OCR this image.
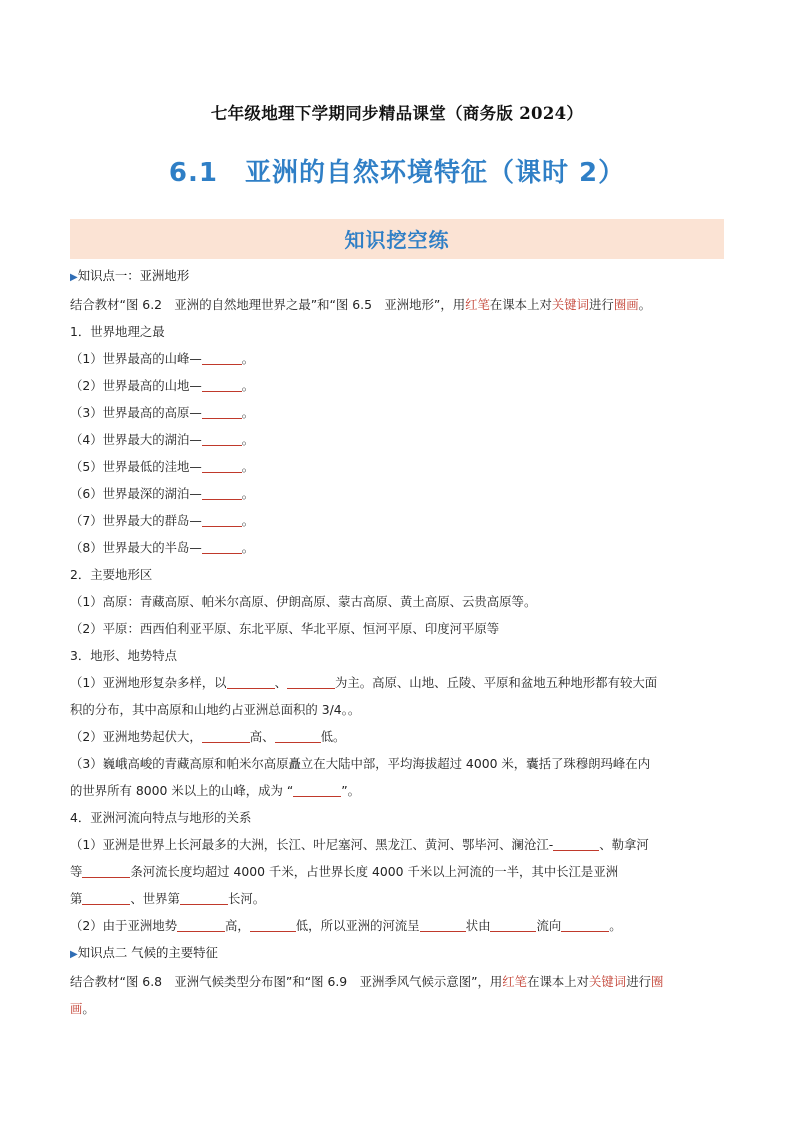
七年级地理下学期同步精品课堂（商务版 2024）
6.1　亚洲的自然环境特征（课时 2）
知识挖空练
▶知识点一：亚洲地形
结合教材“图 6.2　亚洲的自然地理世界之最”和“图 6.5　亚洲地形”，用红笔在课本上对关键词进行圈画。
1．世界地理之最
（1）世界最高的山峰—	。
（2）世界最高的山地—	。
（3）世界最高的高原—	。
（4）世界最大的湖泊—	。
（5）世界最低的洼地—	。
（6）世界最深的湖泊—	。
（7）世界最大的群岛—	。
（8）世界最大的半岛—	。
2．主要地形区
（1）高原：青藏高原、帕米尔高原、伊朗高原、蒙古高原、黄土高原、云贵高原等。
（2）平原：西西伯利亚平原、东北平原、华北平原、恒河平原、印度河平原等
3．地形、地势特点
（1）亚洲地形复杂多样，以	、	为主。高原、山地、丘陵、平原和盆地五种地形都有较大面
积的分布，其中高原和山地约占亚洲总面积的 3/4。。
（2）亚洲地势起伏大，	高、	低。
（3）巍峨高峻的青藏高原和帕米尔高原矗立在大陆中部，平均海拔超过 4000 米，囊括了珠穆朗玛峰在内
的世界所有 8000 米以上的山峰，成为 “	”。
4．亚洲河流向特点与地形的关系
（1）亚洲是世界上长河最多的大洲，长江、叶尼塞河、黑龙江、黄河、鄂毕河、澜沧江-	、勒拿河
等	条河流长度均超过 4000 千米，占世界长度 4000 千米以上河流的一半，其中长江是亚洲
第	、世界第	长河。
（2）由于亚洲地势	高，	低，所以亚洲的河流呈	状由	流向	。
▶知识点二 气候的主要特征
结合教材“图 6.8　亚洲气候类型分布图”和“图 6.9　亚洲季风气候示意图”，用红笔在课本上对关键词进行圈
画。
